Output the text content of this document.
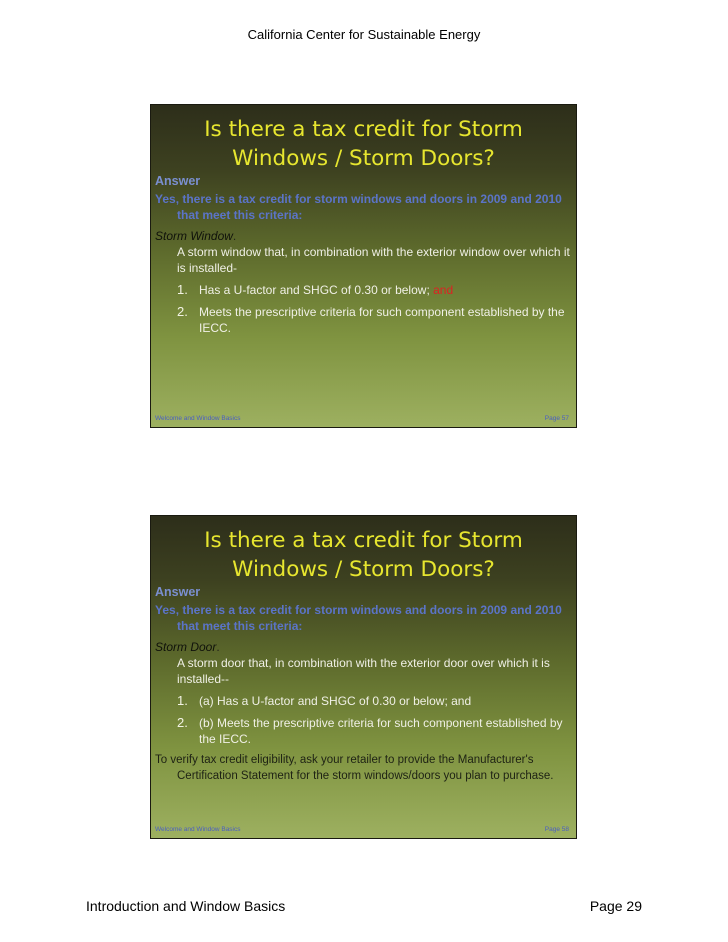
California Center for Sustainable Energy
Is there a tax credit for Storm
Windows / Storm Doors?
Answer
Yes, there is a tax credit for storm windows and doors in 2009 and 2010 that meet this criteria:
Storm Window.
A storm window that, in combination with the exterior window over which it is installed-
1. Has a U-factor and SHGC of 0.30 or below; and
2. Meets the prescriptive criteria for such component established by the IECC.
Welcome and Window Basics	Page 57
Is there a tax credit for Storm
Windows / Storm Doors?
Answer
Yes, there is a tax credit for storm windows and doors in 2009 and 2010 that meet this criteria:
Storm Door.
A storm door that, in combination with the exterior door over which it is installed--
1. (a) Has a U-factor and SHGC of 0.30 or below; and
2. (b) Meets the prescriptive criteria for such component established by the IECC.
To verify tax credit eligibility, ask your retailer to provide the Manufacturer's Certification Statement for the storm windows/doors you plan to purchase.
Welcome and Window Basics	Page 58
Introduction and Window Basics	Page 29
